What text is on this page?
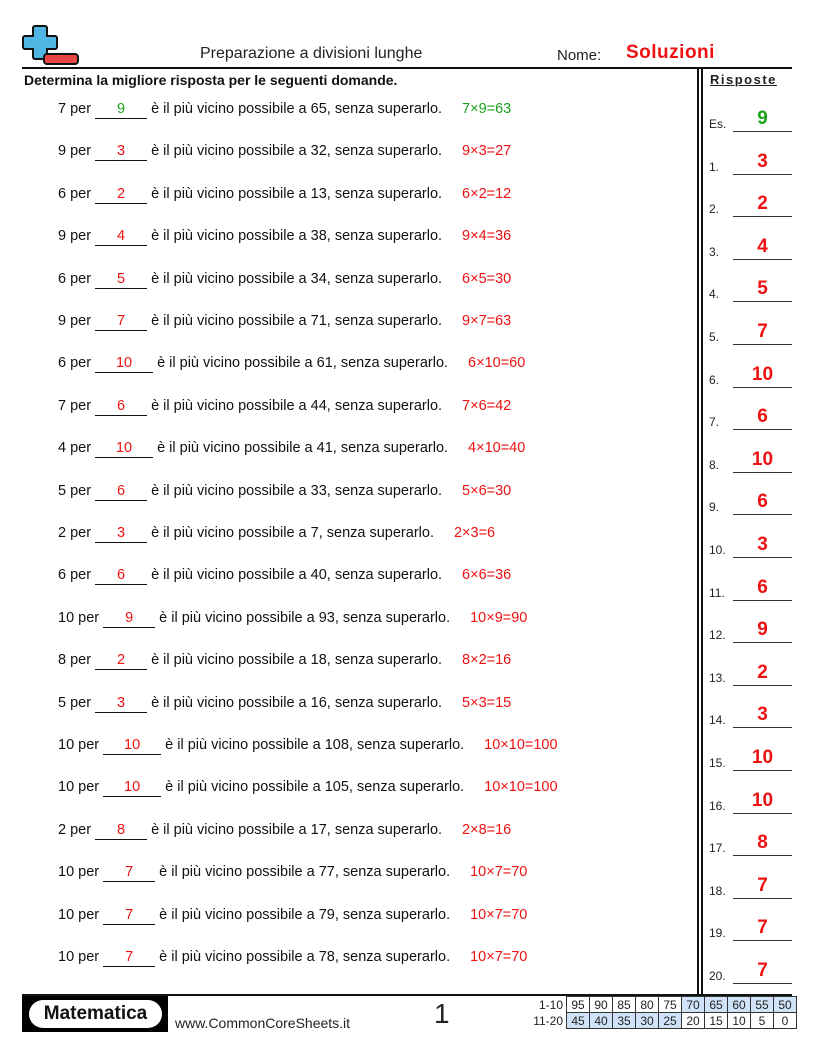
Preparazione a divisioni lunghe	Nome: Soluzioni
Determina la migliore risposta per le seguenti domande.	Risposte
7 per	9	è il più vicino possibile a 65, senza superarlo. 7×9=63
9 per	3	è il più vicino possibile a 32, senza superarlo. 9×3=27
6 per	2	è il più vicino possibile a 13, senza superarlo. 6×2=12
9 per	4	è il più vicino possibile a 38, senza superarlo. 9×4=36
6 per	5	è il più vicino possibile a 34, senza superarlo. 6×5=30
9 per	7	è il più vicino possibile a 71, senza superarlo. 9×7=63
6 per	10	è il più vicino possibile a 61, senza superarlo. 6×10=60
7 per	6	è il più vicino possibile a 44, senza superarlo. 7×6=42
4 per	10	è il più vicino possibile a 41, senza superarlo. 4×10=40
5 per	6	è il più vicino possibile a 33, senza superarlo. 5×6=30
2 per	3	è il più vicino possibile a 7, senza superarlo. 2×3=6
6 per	6	è il più vicino possibile a 40, senza superarlo. 6×6=36
10 per	9	è il più vicino possibile a 93, senza superarlo. 10×9=90
8 per	2	è il più vicino possibile a 18, senza superarlo. 8×2=16
5 per	3	è il più vicino possibile a 16, senza superarlo. 5×3=15
10 per	10	è il più vicino possibile a 108, senza superarlo. 10×10=100
10 per	10	è il più vicino possibile a 105, senza superarlo. 10×10=100
2 per	8	è il più vicino possibile a 17, senza superarlo. 2×8=16
10 per	7	è il più vicino possibile a 77, senza superarlo. 10×7=70
10 per	7	è il più vicino possibile a 79, senza superarlo. 10×7=70
10 per	7	è il più vicino possibile a 78, senza superarlo. 10×7=70
Es.	9
1.	3
2.	2
3.	4
4.	5
5.	7
6.	10
7.	6
8.	10
9.	6
10.	3
11.	6
12.	9
13.	2
14.	3
15.	10
16.	10
17.	8
18.	7
19.	7
20.	7
Matematica	www.CommonCoreSheets.it	1	1-10	95	90	85	80	75	70	65	60	55	50
11-20	45	40	35	30	25	20	15	10	5	0
